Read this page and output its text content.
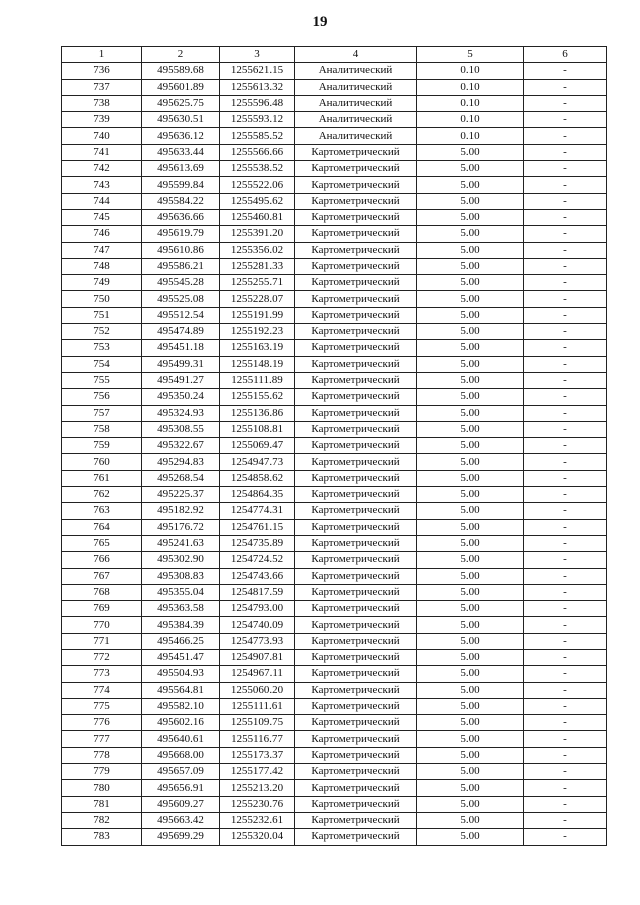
19
1	2	3	4	5	6
736	495589.68	1255621.15	Аналитический	0.10	-
737	495601.89	1255613.32	Аналитический	0.10	-
738	495625.75	1255596.48	Аналитический	0.10	-
739	495630.51	1255593.12	Аналитический	0.10	-
740	495636.12	1255585.52	Аналитический	0.10	-
741	495633.44	1255566.66	Картометрический	5.00	-
742	495613.69	1255538.52	Картометрический	5.00	-
743	495599.84	1255522.06	Картометрический	5.00	-
744	495584.22	1255495.62	Картометрический	5.00	-
745	495636.66	1255460.81	Картометрический	5.00	-
746	495619.79	1255391.20	Картометрический	5.00	-
747	495610.86	1255356.02	Картометрический	5.00	-
748	495586.21	1255281.33	Картометрический	5.00	-
749	495545.28	1255255.71	Картометрический	5.00	-
750	495525.08	1255228.07	Картометрический	5.00	-
751	495512.54	1255191.99	Картометрический	5.00	-
752	495474.89	1255192.23	Картометрический	5.00	-
753	495451.18	1255163.19	Картометрический	5.00	-
754	495499.31	1255148.19	Картометрический	5.00	-
755	495491.27	1255111.89	Картометрический	5.00	-
756	495350.24	1255155.62	Картометрический	5.00	-
757	495324.93	1255136.86	Картометрический	5.00	-
758	495308.55	1255108.81	Картометрический	5.00	-
759	495322.67	1255069.47	Картометрический	5.00	-
760	495294.83	1254947.73	Картометрический	5.00	-
761	495268.54	1254858.62	Картометрический	5.00	-
762	495225.37	1254864.35	Картометрический	5.00	-
763	495182.92	1254774.31	Картометрический	5.00	-
764	495176.72	1254761.15	Картометрический	5.00	-
765	495241.63	1254735.89	Картометрический	5.00	-
766	495302.90	1254724.52	Картометрический	5.00	-
767	495308.83	1254743.66	Картометрический	5.00	-
768	495355.04	1254817.59	Картометрический	5.00	-
769	495363.58	1254793.00	Картометрический	5.00	-
770	495384.39	1254740.09	Картометрический	5.00	-
771	495466.25	1254773.93	Картометрический	5.00	-
772	495451.47	1254907.81	Картометрический	5.00	-
773	495504.93	1254967.11	Картометрический	5.00	-
774	495564.81	1255060.20	Картометрический	5.00	-
775	495582.10	1255111.61	Картометрический	5.00	-
776	495602.16	1255109.75	Картометрический	5.00	-
777	495640.61	1255116.77	Картометрический	5.00	-
778	495668.00	1255173.37	Картометрический	5.00	-
779	495657.09	1255177.42	Картометрический	5.00	-
780	495656.91	1255213.20	Картометрический	5.00	-
781	495609.27	1255230.76	Картометрический	5.00	-
782	495663.42	1255232.61	Картометрический	5.00	-
783	495699.29	1255320.04	Картометрический	5.00	-
